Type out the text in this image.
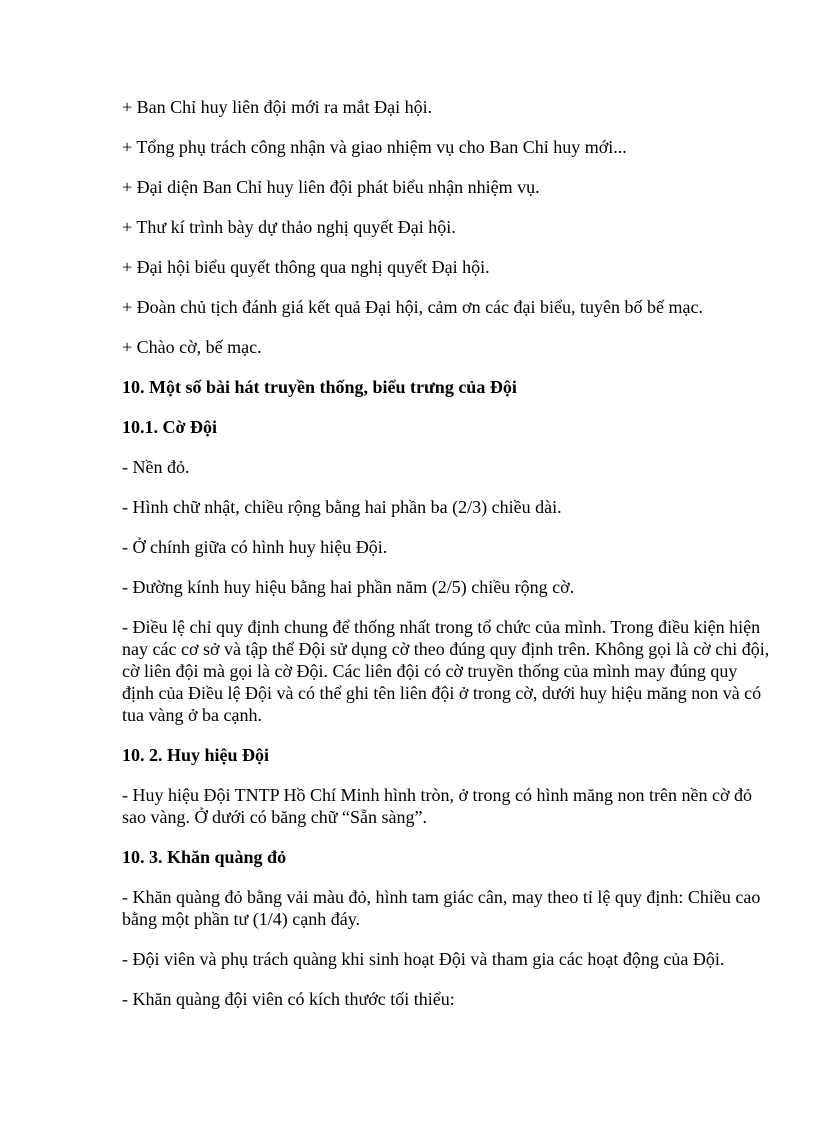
+ Ban Chỉ huy liên đội mới ra mắt Đại hội.

+ Tổng phụ trách công nhận và giao nhiệm vụ cho Ban Chỉ huy mới...

+ Đại diện Ban Chỉ huy liên đội phát biểu nhận nhiệm vụ.

+ Thư kí trình bày dự thảo nghị quyết Đại hội.

+ Đại hội biểu quyết thông qua nghị quyết Đại hội.

+ Đoàn chủ tịch đánh giá kết quả Đại hội, cảm ơn các đại biểu, tuyên bố bế mạc.

+ Chào cờ, bế mạc.

10. Một số bài hát truyền thống, biểu trưng của Đội

10.1. Cờ Đội

- Nền đỏ.

- Hình chữ nhật, chiều rộng bằng hai phần ba (2/3) chiều dài.

- Ở chính giữa có hình huy hiệu Đội.

- Đường kính huy hiệu bằng hai phần năm (2/5) chiều rộng cờ.

- Điều lệ chỉ quy định chung để thống nhất trong tổ chức của mình. Trong điều kiện hiện nay các cơ sở và tập thể Đội sử dụng cờ theo đúng quy định trên. Không gọi là cờ chi đội, cờ liên đội mà gọi là cờ Đội. Các liên đội có cờ truyền thống của mình may đúng quy định của Điều lệ Đội và có thể ghi tên liên đội ở trong cờ, dưới huy hiệu măng non và có tua vàng ở ba cạnh.

10. 2. Huy hiệu Đội

- Huy hiệu Đội TNTP Hồ Chí Minh hình tròn, ở trong có hình măng non trên nền cờ đỏ sao vàng. Ở dưới có băng chữ “Sẵn sàng”.

10. 3. Khăn quàng đỏ

- Khăn quàng đỏ bằng vải màu đỏ, hình tam giác cân, may theo tỉ lệ quy định: Chiều cao bằng một phần tư (1/4) cạnh đáy.

- Đội viên và phụ trách quàng khi sinh hoạt Đội và tham gia các hoạt động của Đội.

- Khăn quàng đội viên có kích thước tối thiểu:
